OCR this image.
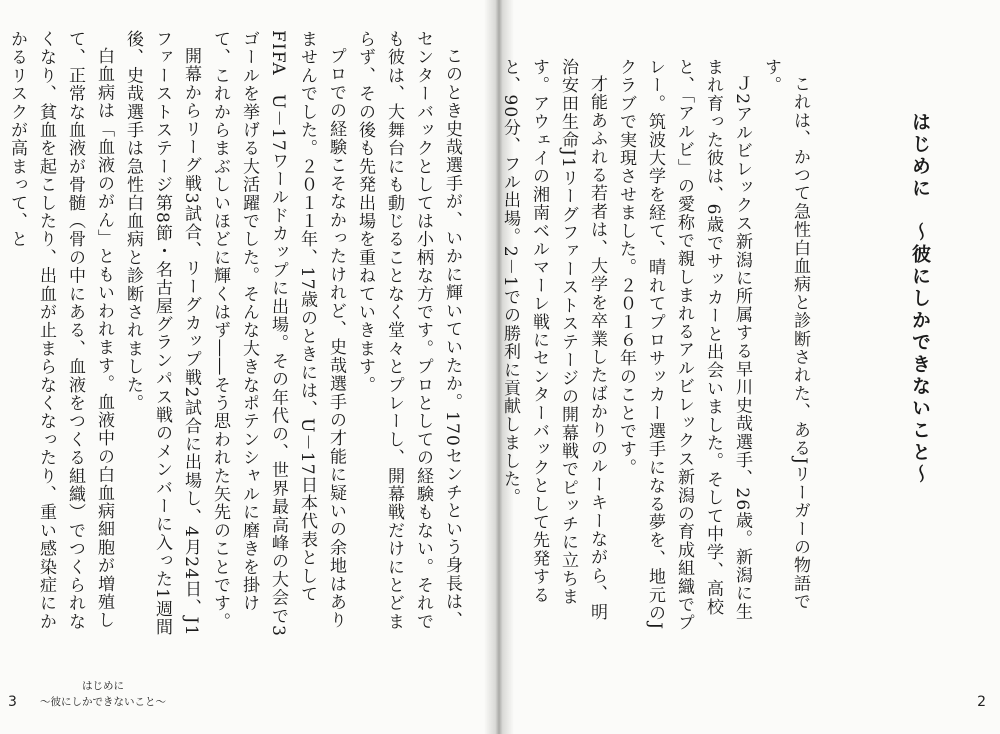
このとき史哉選手が、いかに輝いていたか。170センチという身長は、センターバックとしては小柄な方です。プロとしての経験もない。それでも彼は、大舞台にも動じることなく堂々とプレーし、開幕戦だけにとどまらず、その後も先発出場を重ねていきます。
プロでの経験こそなかったけれど、史哉選手の才能に疑いの余地はありませんでした。２０１１年、17歳のときには、U－17日本代表としてFIFA　U－17ワールドカップに出場。その年代の、世界最高峰の大会で3ゴールを挙げる大活躍でした。そんな大きなポテンシャルに磨きを掛けて、これからまぶしいほどに輝くはず――そう思われた矢先のことです。
開幕からリーグ戦3試合、リーグカップ戦2試合に出場し、4月24日、J1ファーストステージ第8節・名古屋グランパス戦のメンバーに入った1週間後、史哉選手は急性白血病と診断されました。
白血病は「血液のがん」ともいわれます。血液中の白血病細胞が増殖して、正常な血液が骨髄（骨の中にある、血液をつくる組織）でつくられなくなり、貧血を起こしたり、出血が止まらなくなったり、重い感染症にかかるリスクが高まって、と
はじめに
〜彼にしかできないこと〜
3
はじめに　〜彼にしかできないこと〜
これは、かつて急性白血病と診断された、あるJリーガーの物語です。
Ｊ2アルビレックス新潟に所属する早川史哉選手、26歳。新潟に生まれ育った彼は、6歳でサッカーと出会いました。そして中学、高校と、「アルビ」の愛称で親しまれるアルビレックス新潟の育成組織でプレー。筑波大学を経て、晴れてプロサッカー選手になる夢を、地元のJクラブで実現させました。２０１６年のことです。
才能あふれる若者は、大学を卒業したばかりのルーキーながら、明治安田生命J1リーグファーストステージの開幕戦でピッチに立ちます。アウェイの湘南ベルマーレ戦にセンターバックとして先発すると、90分、フル出場。2－1での勝利に貢献しました。
2
